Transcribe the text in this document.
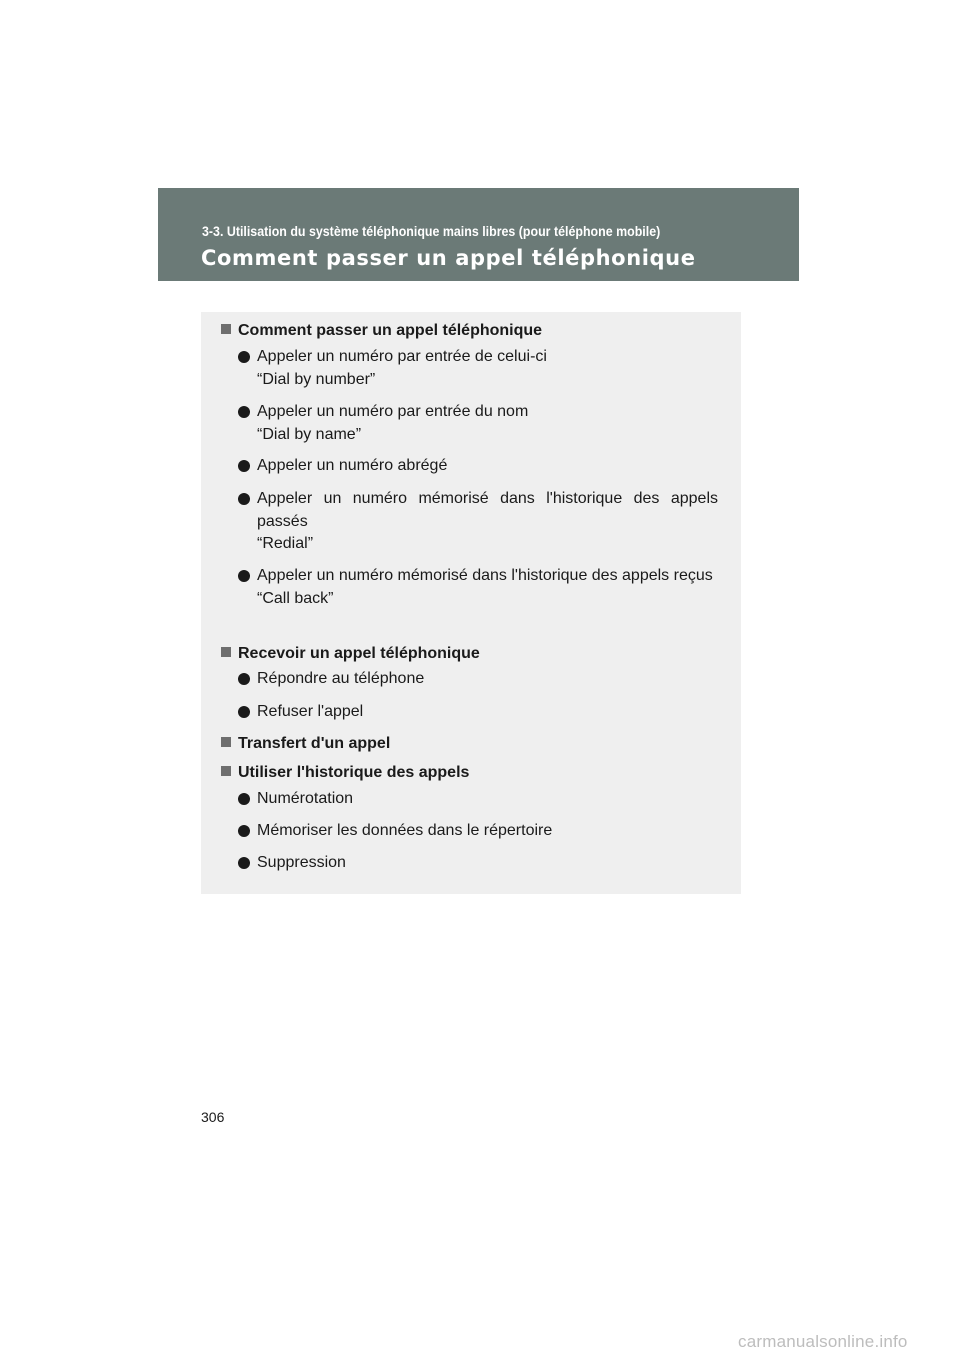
3-3. Utilisation du système téléphonique mains libres (pour téléphone mobile)
Comment passer un appel téléphonique
Comment passer un appel téléphonique
Appeler un numéro par entrée de celui-ci
“Dial by number”
Appeler un numéro par entrée du nom
“Dial by name”
Appeler un numéro abrégé
Appeler un numéro mémorisé dans l'historique des appels passés
“Redial”
Appeler un numéro mémorisé dans l'historique des appels reçus
“Call back”
Recevoir un appel téléphonique
Répondre au téléphone
Refuser l'appel
Transfert d'un appel
Utiliser l'historique des appels
Numérotation
Mémoriser les données dans le répertoire
Suppression
306
carmanualsonline.info
